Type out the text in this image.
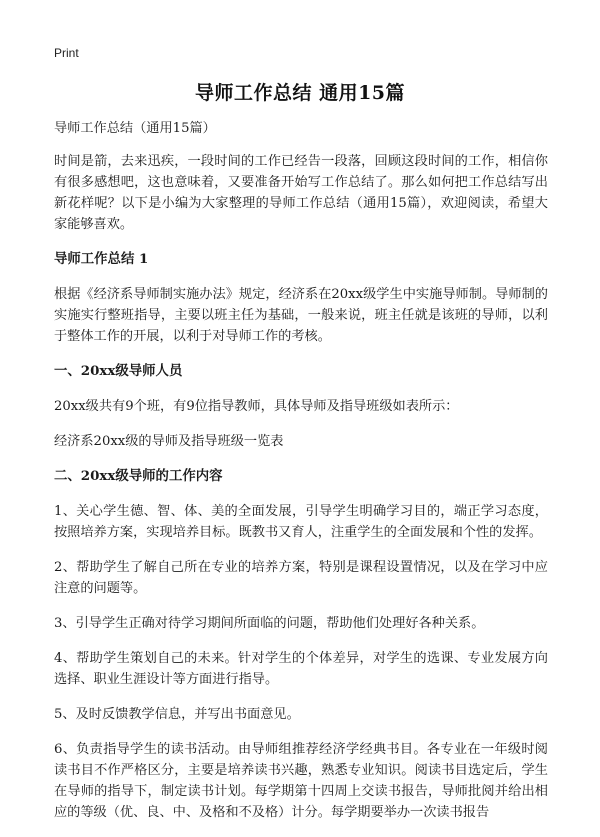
Print
导师工作总结 通用15篇

导师工作总结（通用15篇）

时间是箭，去来迅疾，一段时间的工作已经告一段落，回顾这段时间的工作，相信你有很多感想吧，这也意味着，又要准备开始写工作总结了。那么如何把工作总结写出新花样呢？以下是小编为大家整理的导师工作总结（通用15篇），欢迎阅读，希望大家能够喜欢。

导师工作总结 1

根据《经济系导师制实施办法》规定，经济系在20xx级学生中实施导师制。导师制的实施实行整班指导，主要以班主任为基础，一般来说，班主任就是该班的导师，以利于整体工作的开展，以利于对导师工作的考核。

一、20xx级导师人员

20xx级共有9个班，有9位指导教师，具体导师及指导班级如表所示：

经济系20xx级的导师及指导班级一览表

二、20xx级导师的工作内容

1、关心学生德、智、体、美的全面发展，引导学生明确学习目的，端正学习态度，按照培养方案，实现培养目标。既教书又育人，注重学生的全面发展和个性的发挥。

2、帮助学生了解自己所在专业的培养方案，特别是课程设置情况，以及在学习中应注意的问题等。

3、引导学生正确对待学习期间所面临的问题，帮助他们处理好各种关系。

4、帮助学生策划自己的未来。针对学生的个体差异，对学生的选课、专业发展方向选择、职业生涯设计等方面进行指导。

5、及时反馈教学信息，并写出书面意见。

6、负责指导学生的读书活动。由导师组推荐经济学经典书目。各专业在一年级时阅读书目不作严格区分，主要是培养读书兴趣，熟悉专业知识。阅读书目选定后，学生在导师的指导下，制定读书计划。每学期第十四周上交读书报告，导师批阅并给出相应的等级（优、良、中、及格和不及格）计分。每学期要举办一次读书报告
